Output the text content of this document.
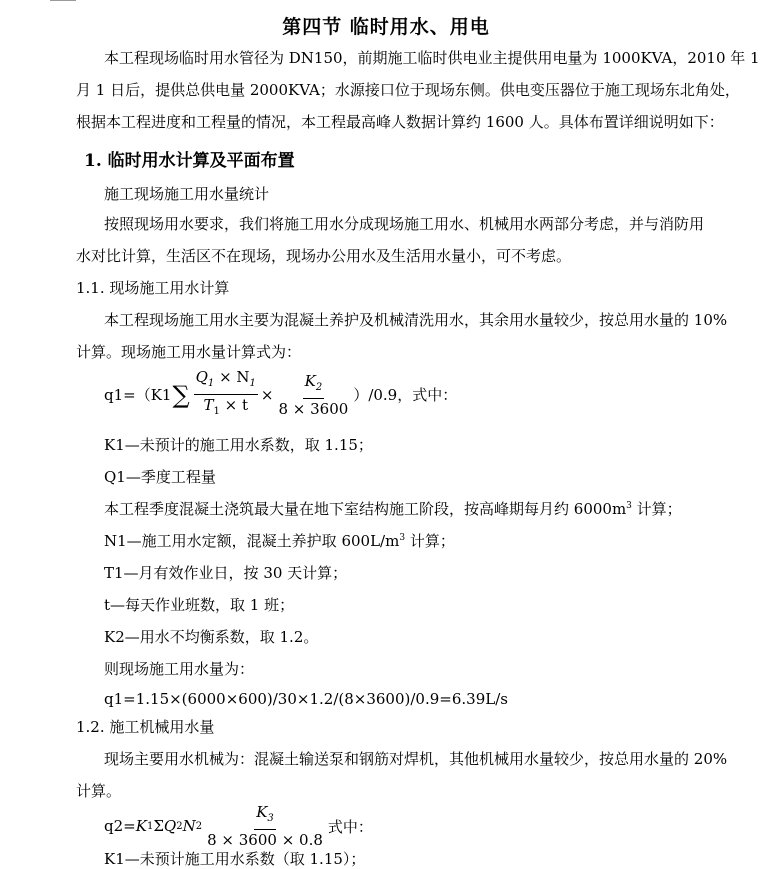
第四节 临时用水、用电
本工程现场临时用水管径为 DN150，前期施工临时供电业主提供用电量为 1000KVA，2010 年 1
月 1 日后，提供总供电量 2000KVA；水源接口位于现场东侧。供电变压器位于施工现场东北角处，
根据本工程进度和工程量的情况，本工程最高峰人数据计算约 1600 人。具体布置详细说明如下：
1. 临时用水计算及平面布置
施工现场施工用水量统计
按照现场用水要求，我们将施工用水分成现场施工用水、机械用水两部分考虑，并与消防用
水对比计算，生活区不在现场，现场办公用水及生活用水量小，可不考虑。
1.1. 现场施工用水计算
本工程现场施工用水主要为混凝土养护及机械清洗用水，其余用水量较少，按总用水量的 10%
计算。现场施工用水量计算式为：
q1=（K1 ∑ $\frac{Q_1 \times N_1}{T_1 \times t} \times \frac{K_2}{8 \times 3600} )/0.9$，式中：
K1—未预计的施工用水系数，取 1.15；
Q1—季度工程量
本工程季度混凝土浇筑最大量在地下室结构施工阶段，按高峰期每月约 $6000m^3$ 计算；
N1—施工用水定额，混凝土养护取 $600L/m^3$ 计算；
T1—月有效作业日，按 30 天计算；
t—每天作业班数，取 1 班；
K2—用水不均衡系数，取 1.2。
则现场施工用水量为：
q1=1.15×(6000×600)/30×1.2/(8×3600)/0.9=6.39L/s
1.2. 施工机械用水量
现场主要用水机械为：混凝土输送泵和钢筋对焊机，其他机械用水量较少，按总用水量的 20%
计算。
q2= K 1 Σ Q 2 N $2 \frac{K_3}{8 \times 3600 \times 0.8}$ 式中：
K1—未预计施工用水系数（取 1.15）；
